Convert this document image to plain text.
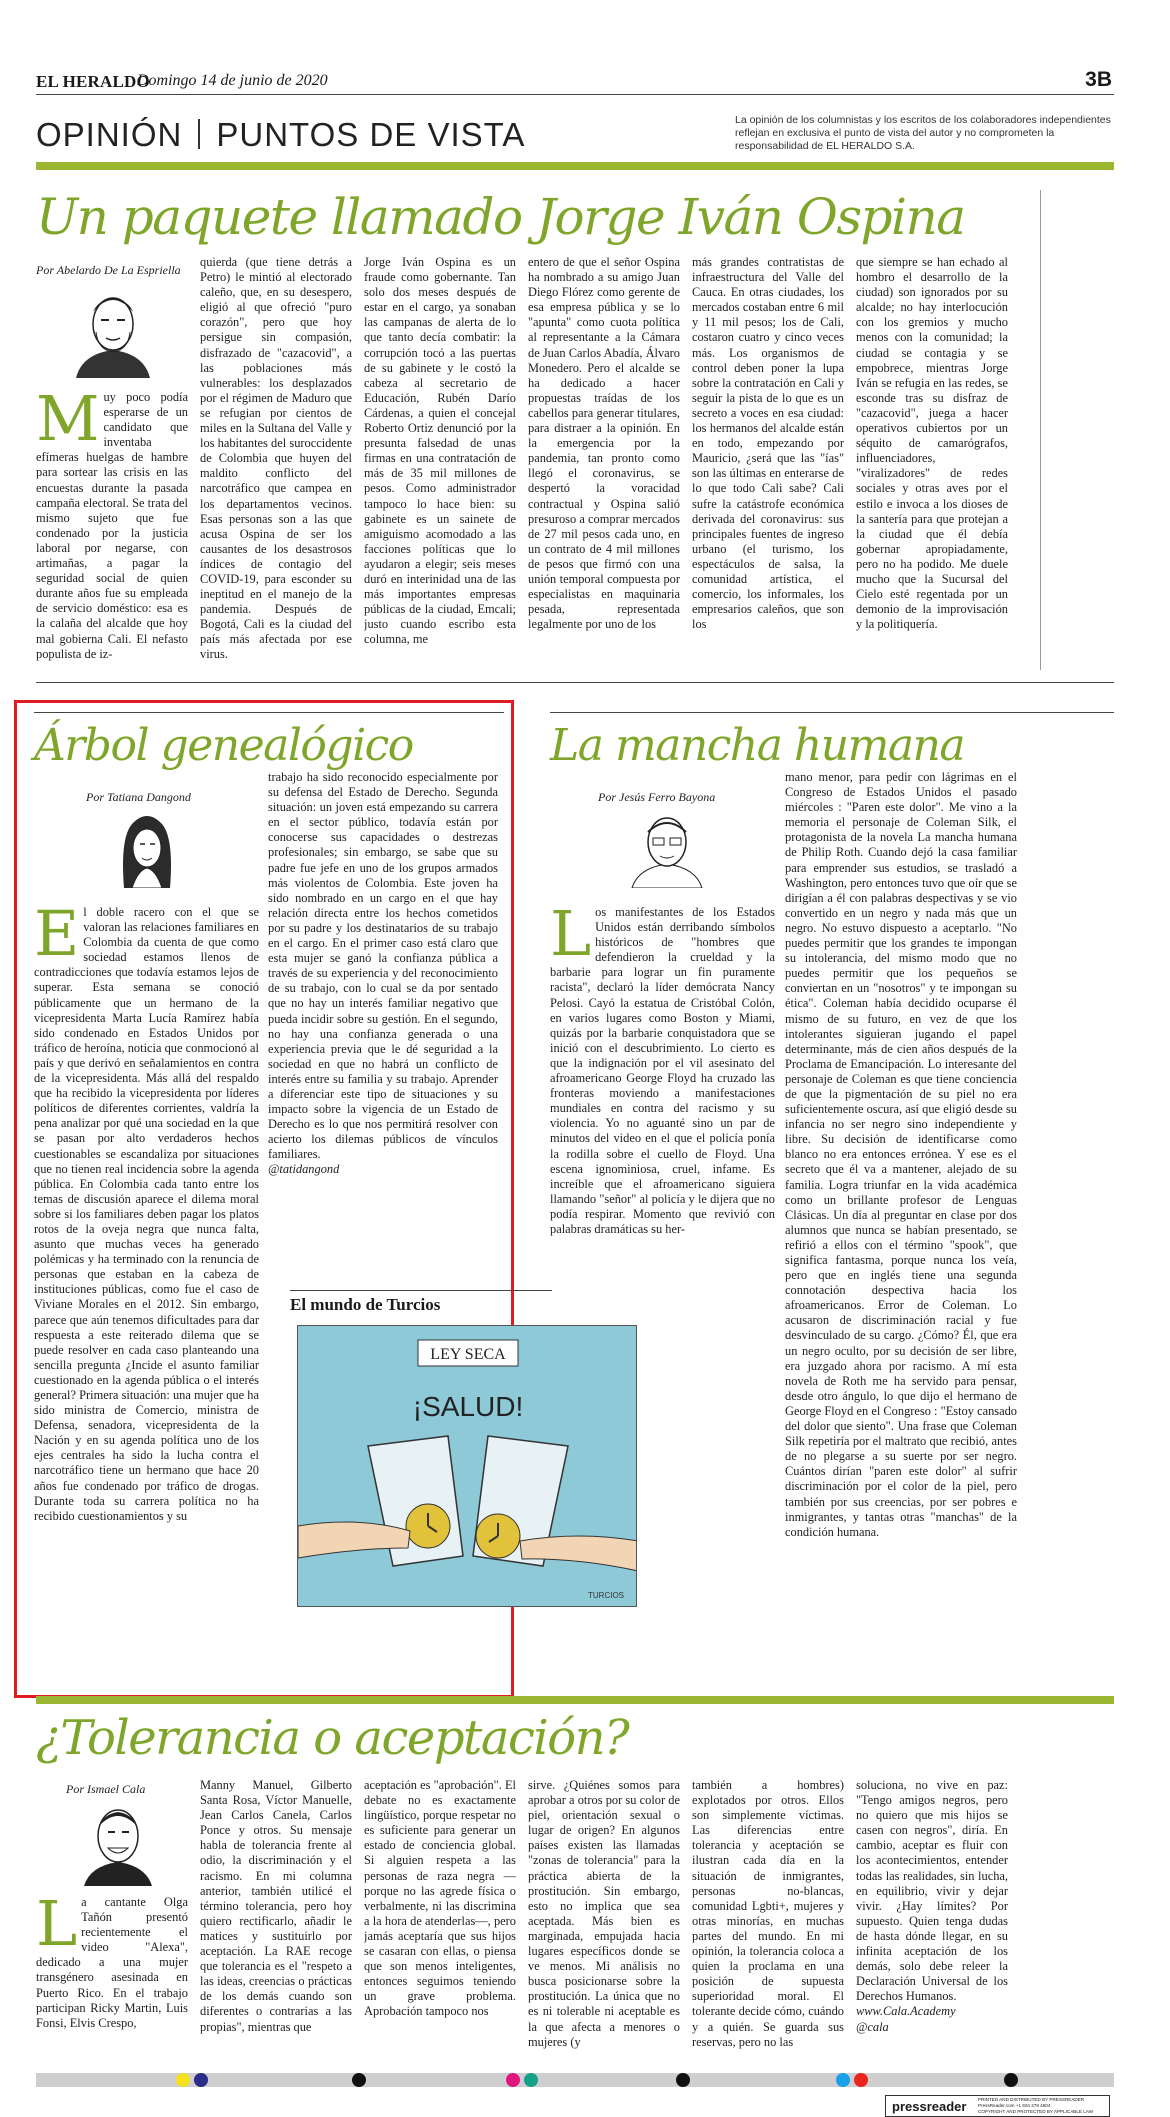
EL HERALDO
Domingo 14 de junio de 2020	3B
OPINIÓN PUNTOS DE VISTA	La opinión de los columnistas y los escritos de los colaboradores independientes reflejan en exclusiva el punto de vista del autor y no comprometen la responsabilidad de EL HERALDO S.A.
Un paquete llamado Jorge Iván Ospina
Por Abelardo De La Espriella
Muy poco podía esperarse de un candidato que inventaba efímeras huelgas de hambre para sortear las crisis en las encuestas durante la pasada campaña electoral. Se trata del mismo sujeto que fue condenado por la justicia laboral por negarse, con artimañas, a pagar la seguridad social de quien durante años fue su empleada de servicio doméstico: esa es la calaña del alcalde que hoy mal gobierna Cali. El nefasto populista de iz-
quierda (que tiene detrás a Petro) le mintió al electorado caleño, que, en su desespero, eligió al que ofreció "puro corazón", pero que hoy persigue sin compasión, disfrazado de "cazacovid", a las poblaciones más vulnerables: los desplazados por el régimen de Maduro que se refugian por cientos de miles en la Sultana del Valle y los habitantes del suroccidente de Colombia que huyen del maldito conflicto del narcotráfico que campea en los departamentos vecinos. Esas personas son a las que acusa Ospina de ser los causantes de los desastrosos índices de contagio del COVID-19, para esconder su ineptitud en el manejo de la pandemia. Después de Bogotá, Cali es la ciudad del país más afectada por ese virus.
Jorge Iván Ospina es un fraude como gobernante. Tan solo dos meses después de estar en el cargo, ya sonaban las campanas de alerta de lo que tanto decía combatir: la corrupción tocó a las puertas de su gabinete y le costó la cabeza al secretario de Educación, Rubén Darío Cárdenas, a quien el concejal Roberto Ortiz denunció por la presunta falsedad de unas firmas en una contratación de más de 35 mil millones de pesos. Como administrador tampoco lo hace bien: su gabinete es un sainete de amiguismo acomodado a las facciones políticas que lo ayudaron a elegir; seis meses duró en interinidad una de las más importantes empresas públicas de la ciudad, Emcali; justo cuando escribo esta columna, me
entero de que el señor Ospina ha nombrado a su amigo Juan Diego Flórez como gerente de esa empresa pública y se lo "apunta" como cuota política al representante a la Cámara de Juan Carlos Abadía, Álvaro Monedero. Pero el alcalde se ha dedicado a hacer propuestas traídas de los cabellos para generar titulares, para distraer a la opinión. En la emergencia por la pandemia, tan pronto como llegó el coronavirus, se despertó la voracidad contractual y Ospina salió presuroso a comprar mercados de 27 mil pesos cada uno, en un contrato de 4 mil millones de pesos que firmó con una unión temporal compuesta por especialistas en maquinaria pesada, representada legalmente por uno de los
más grandes contratistas de infraestructura del Valle del Cauca. En otras ciudades, los mercados costaban entre 6 mil y 11 mil pesos; los de Cali, costaron cuatro y cinco veces más. Los organismos de control deben poner la lupa sobre la contratación en Cali y seguir la pista de lo que es un secreto a voces en esa ciudad: los hermanos del alcalde están en todo, empezando por Mauricio, ¿será que las "ías" son las últimas en enterarse de lo que todo Cali sabe? Cali sufre la catástrofe económica derivada del coronavirus: sus principales fuentes de ingreso urbano (el turismo, los espectáculos de salsa, la comunidad artística, el comercio, los informales, los empresarios caleños, que son los
que siempre se han echado al hombro el desarrollo de la ciudad) son ignorados por su alcalde; no hay interlocución con los gremios y mucho menos con la comunidad; la ciudad se contagia y se empobrece, mientras Jorge Iván se refugia en las redes, se esconde tras su disfraz de "cazacovid", juega a hacer operativos cubiertos por un séquito de camarógrafos, influenciadores, "viralizadores" de redes sociales y otras aves por el estilo e invoca a los dioses de la santería para que protejan a la ciudad que él debía gobernar apropiadamente, pero no ha podido. Me duele mucho que la Sucursal del Cielo esté regentada por un demonio de la improvisación y la politiquería.
Árbol genealógico
Por Tatiana Dangond
El doble racero con el que se valoran las relaciones familiares en Colombia da cuenta de que como sociedad estamos llenos de contradicciones que todavía estamos lejos de superar. Esta semana se conoció públicamente que un hermano de la vicepresidenta Marta Lucía Ramírez había sido condenado en Estados Unidos por tráfico de heroína, noticia que conmocionó al país y que derivó en señalamientos en contra de la vicepresidenta. Más allá del respaldo que ha recibido la vicepresidenta por líderes políticos de diferentes corrientes, valdría la pena analizar por qué una sociedad en la que se pasan por alto verdaderos hechos cuestionables se escandaliza por situaciones que no tienen real incidencia sobre la agenda pública. En Colombia cada tanto entre los temas de discusión aparece el dilema moral sobre si los familiares deben pagar los platos rotos de la oveja negra que nunca falta, asunto que muchas veces ha generado polémicas y ha terminado con la renuncia de personas que estaban en la cabeza de instituciones públicas, como fue el caso de Viviane Morales en el 2012. Sin embargo, parece que aún tenemos dificultades para dar respuesta a este reiterado dilema que se puede resolver en cada caso planteando una sencilla pregunta ¿Incide el asunto familiar cuestionado en la agenda pública o el interés general? Primera situación: una mujer que ha sido ministra de Comercio, ministra de Defensa, senadora, vicepresidenta de la Nación y en su agenda política uno de los ejes centrales ha sido la lucha contra el narcotráfico tiene un hermano que hace 20 años fue condenado por tráfico de drogas. Durante toda su carrera política no ha recibido cuestionamientos y su
trabajo ha sido reconocido especialmente por su defensa del Estado de Derecho. Segunda situación: un joven está empezando su carrera en el sector público, todavía están por conocerse sus capacidades o destrezas profesionales; sin embargo, se sabe que su padre fue jefe en uno de los grupos armados más violentos de Colombia. Este joven ha sido nombrado en un cargo en el que hay relación directa entre los hechos cometidos por su padre y los destinatarios de su trabajo en el cargo. En el primer caso está claro que esta mujer se ganó la confianza pública a través de su experiencia y del reconocimiento de su trabajo, con lo cual se da por sentado que no hay un interés familiar negativo que pueda incidir sobre su gestión. En el segundo, no hay una confianza generada o una experiencia previa que le dé seguridad a la sociedad en que no habrá un conflicto de interés entre su familia y su trabajo. Aprender a diferenciar este tipo de situaciones y su impacto sobre la vigencia de un Estado de Derecho es lo que nos permitirá resolver con acierto los dilemas públicos de vínculos familiares.
@tatidangond
El mundo de Turcios
LEY SECA
¡SALUD!
TURCIOS
La mancha humana
Por Jesús Ferro Bayona
Los manifestantes de los Estados Unidos están derribando símbolos históricos de "hombres que defendieron la crueldad y la barbarie para lograr un fin puramente racista", declaró la líder demócrata Nancy Pelosi. Cayó la estatua de Cristóbal Colón, en varios lugares como Boston y Miami, quizás por la barbarie conquistadora que se inició con el descubrimiento. Lo cierto es que la indignación por el vil asesinato del afroamericano George Floyd ha cruzado las fronteras moviendo a manifestaciones mundiales en contra del racismo y su violencia. Yo no aguanté sino un par de minutos del video en el que el policía ponía la rodilla sobre el cuello de Floyd. Una escena ignominiosa, cruel, infame. Es increíble que el afroamericano siguiera llamando "señor" al policía y le dijera que no podía respirar. Momento que revivió con palabras dramáticas su her-
mano menor, para pedir con lágrimas en el Congreso de Estados Unidos el pasado miércoles : "Paren este dolor". Me vino a la memoria el personaje de Coleman Silk, el protagonista de la novela La mancha humana de Philip Roth. Cuando dejó la casa familiar para emprender sus estudios, se trasladó a Washington, pero entonces tuvo que oír que se dirigían a él con palabras despectivas y se vio convertido en un negro y nada más que un negro. No estuvo dispuesto a aceptarlo. "No puedes permitir que los grandes te impongan su intolerancia, del mismo modo que no puedes permitir que los pequeños se conviertan en un "nosotros" y te impongan su ética". Coleman había decidido ocuparse él mismo de su futuro, en vez de que los intolerantes siguieran jugando el papel determinante, más de cien años después de la Proclama de Emancipación. Lo interesante del personaje de Coleman es que tiene conciencia de que la pigmentación de su piel no era suficientemente oscura, así que eligió desde su infancia no ser negro sino independiente y libre. Su decisión de identificarse como blanco no era entonces errónea. Y ese es el secreto que él va a mantener, alejado de su familia. Logra triunfar en la vida académica como un brillante profesor de Lenguas Clásicas. Un día al preguntar en clase por dos alumnos que nunca se habían presentado, se refirió a ellos con el término "spook", que significa fantasma, porque nunca los veía, pero que en inglés tiene una segunda connotación despectiva hacia los afroamericanos. Error de Coleman. Lo acusaron de discriminación racial y fue desvinculado de su cargo. ¿Cómo? Él, que era un negro oculto, por su decisión de ser libre, era juzgado ahora por racismo. A mí esta novela de Roth me ha servido para pensar, desde otro ángulo, lo que dijo el hermano de George Floyd en el Congreso : "Estoy cansado del dolor que siento". Una frase que Coleman Silk repetiría por el maltrato que recibió, antes de no plegarse a su suerte por ser negro. Cuántos dirían "paren este dolor" al sufrir discriminación por el color de la piel, pero también por sus creencias, por ser pobres e inmigrantes, y tantas otras "manchas" de la condición humana.
¿Tolerancia o aceptación?
Por Ismael Cala
La cantante Olga Tañón presentó recientemente el video "Alexa", dedicado a una mujer transgénero asesinada en Puerto Rico. En el trabajo participan Ricky Martin, Luis Fonsi, Elvis Crespo,
Manny Manuel, Gilberto Santa Rosa, Víctor Manuelle, Jean Carlos Canela, Carlos Ponce y otros. Su mensaje habla de tolerancia frente al odio, la discriminación y el racismo. En mi columna anterior, también utilicé el término tolerancia, pero hoy quiero rectificarlo, añadir le matices y sustituirlo por aceptación. La RAE recoge que tolerancia es el "respeto a las ideas, creencias o prácticas de los demás cuando son diferentes o contrarias a las propias", mientras que
aceptación es "aprobación". El debate no es exactamente lingüístico, porque respetar no es suficiente para generar un estado de conciencia global. Si alguien respeta a las personas de raza negra —porque no las agrede física o verbalmente, ni las discrimina a la hora de atenderlas—, pero jamás aceptaría que sus hijos se casaran con ellas, o piensa que son menos inteligentes, entonces seguimos teniendo un grave problema. Aprobación tampoco nos
sirve. ¿Quiénes somos para aprobar a otros por su color de piel, orientación sexual o lugar de origen? En algunos países existen las llamadas "zonas de tolerancia" para la práctica abierta de la prostitución. Sin embargo, esto no implica que sea aceptada. Más bien es marginada, empujada hacia lugares específicos donde se ve menos. Mi análisis no busca posicionarse sobre la prostitución. La única que no es ni tolerable ni aceptable es la que afecta a menores o mujeres (y
también a hombres) explotados por otros. Ellos son simplemente víctimas. Las diferencias entre tolerancia y aceptación se ilustran cada día en la situación de inmigrantes, personas no-blancas, comunidad Lgbti+, mujeres y otras minorías, en muchas partes del mundo. En mi opinión, la tolerancia coloca a quien la proclama en una posición de supuesta superioridad moral. El tolerante decide cómo, cuándo y a quién. Se guarda sus reservas, pero no las
soluciona, no vive en paz: "Tengo amigos negros, pero no quiero que mis hijos se casen con negros", diría. En cambio, aceptar es fluir con los acontecimientos, entender todas las realidades, sin lucha, en equilibrio, vivir y dejar vivir. ¿Hay límites? Por supuesto. Quien tenga dudas de hasta dónde llegar, en su infinita aceptación de los demás, solo debe releer la Declaración Universal de los Derechos Humanos.
www.Cala.Academy
@cala
pressreader	PRINTED AND DISTRIBUTED BY PRESSREADER
PressReader.com +1 604 278 4604
COPYRIGHT AND PROTECTED BY APPLICABLE LAW
